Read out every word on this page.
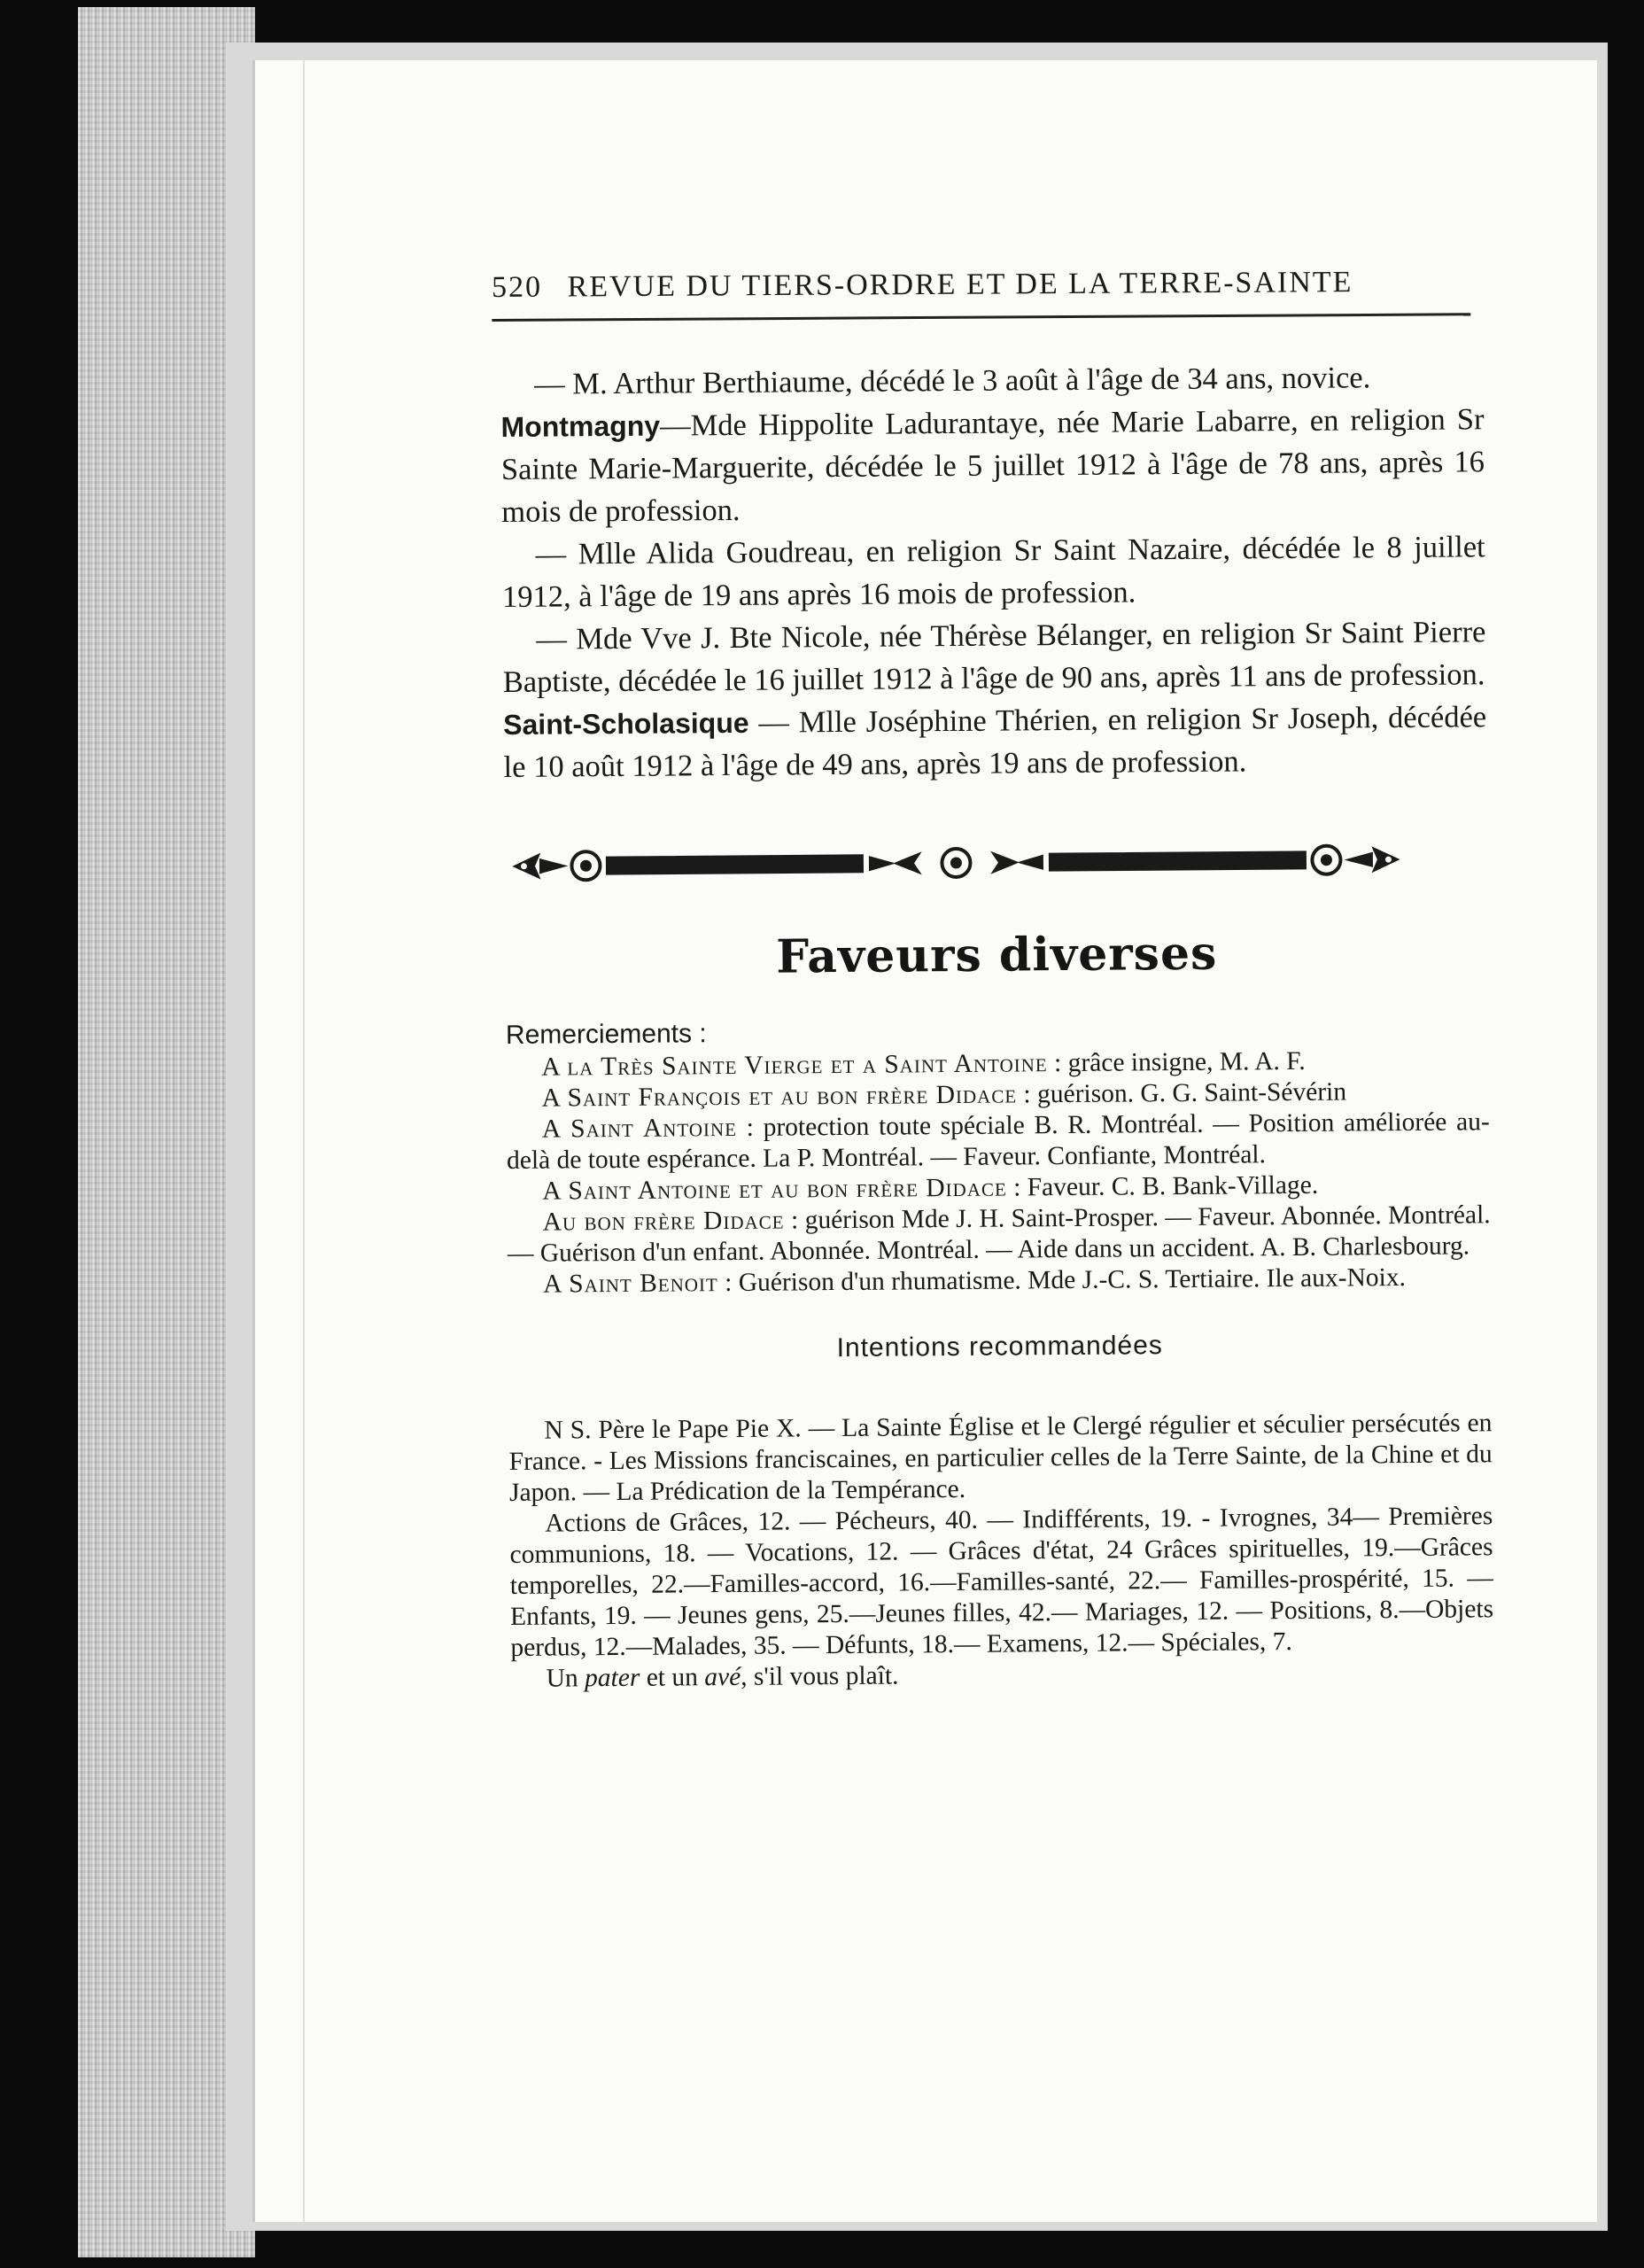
520 REVUE DU TIERS-ORDRE ET DE LA TERRE-SAINTE

— M. Arthur Berthiaume, décédé le 3 août à l'âge de 34 ans, novice.

Montmagny—Mde Hippolite Ladurantaye, née Marie Labarre, en religion Sr Sainte Marie-Marguerite, décédée le 5 juillet 1912 à l'âge de 78 ans, après 16 mois de profession.

— Mlle Alida Goudreau, en religion Sr Saint Nazaire, décédée le 8 juillet 1912, à l'âge de 19 ans après 16 mois de profession.

— Mde Vve J. Bte Nicole, née Thérèse Bélanger, en religion Sr Saint Pierre Baptiste, décédée le 16 juillet 1912 à l'âge de 90 ans, après 11 ans de profession.

Saint-Scholasique — Mlle Joséphine Thérien, en religion Sr Joseph, décédée le 10 août 1912 à l'âge de 49 ans, après 19 ans de profession.

Faveurs diverses
Remerciements :

A la Très Sainte Vierge et a Saint Antoine : grâce insigne, M. A. F.

A Saint François et au bon frère Didace : guérison. G. G. Saint-Sévérin

A Saint Antoine : protection toute spéciale B. R. Montréal. — Position améliorée au-delà de toute espérance. La P. Montréal. — Faveur. Confiante, Montréal.

A Saint Antoine et au bon frère Didace : Faveur. C. B. Bank-Village.

Au bon frère Didace : guérison Mde J. H. Saint-Prosper. — Faveur. Abonnée. Montréal. — Guérison d'un enfant. Abonnée. Montréal. — Aide dans un accident. A. B. Charlesbourg.

A Saint Benoit : Guérison d'un rhumatisme. Mde J.-C. S. Tertiaire. Ile aux-Noix.

Intentions recommandées

N S. Père le Pape Pie X. — La Sainte Église et le Clergé régulier et séculier persécutés en France. - Les Missions franciscaines, en particulier celles de la Terre Sainte, de la Chine et du Japon. — La Prédication de la Tempérance.

Actions de Grâces, 12. — Pécheurs, 40. — Indifférents, 19. - Ivrognes, 34— Premières communions, 18. — Vocations, 12. — Grâces d'état, 24 Grâces spirituelles, 19.—Grâces temporelles, 22.—Familles-accord, 16.—Familles-santé, 22.— Familles-prospérité, 15. — Enfants, 19. — Jeunes gens, 25.—Jeunes filles, 42.— Mariages, 12. — Positions, 8.—Objets perdus, 12.—Malades, 35. — Défunts, 18.— Examens, 12.— Spéciales, 7.

Un pater et un avé, s'il vous plaît.
